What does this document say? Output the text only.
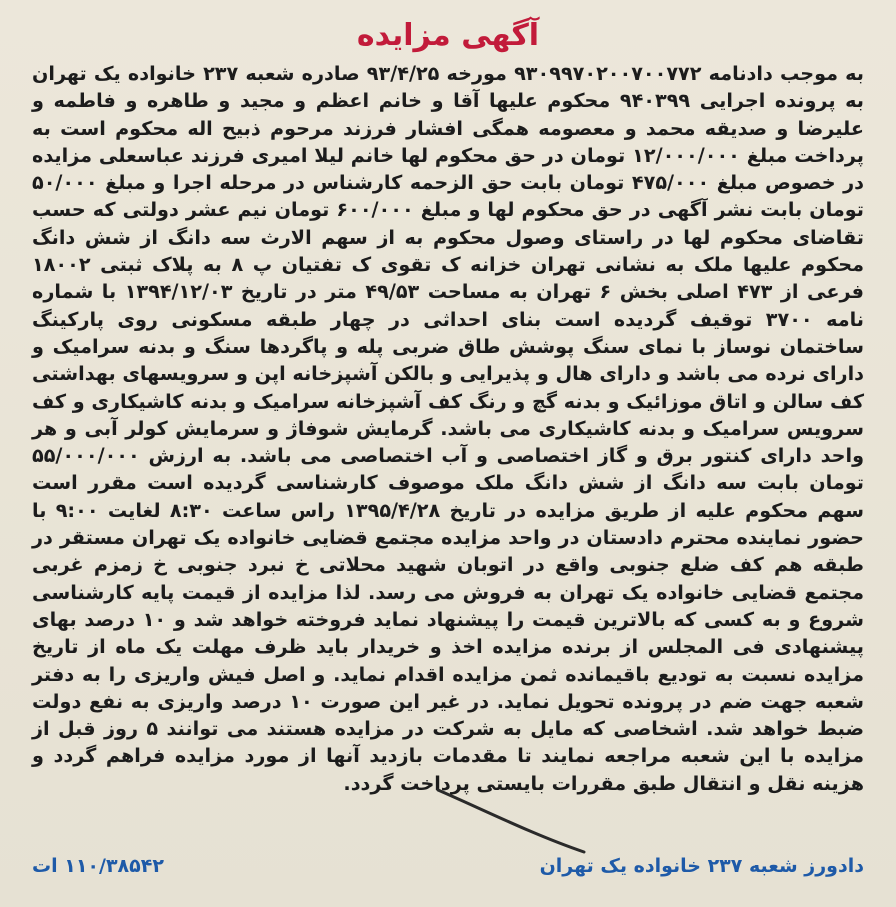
آگهی مزایده

به موجب دادنامه ۹۳۰۹۹۷۰۲۰۰۷۰۰۷۷۲ مورخه ۹۳/۴/۲۵ صادره شعبه ۲۳۷ خانواده یک تهران به پرونده اجرایی ۹۴۰۳۹۹ محکوم علیها آقا و خانم اعظم و مجید و طاهره و فاطمه و علیرضا و صدیقه محمد و معصومه همگی افشار فرزند مرحوم ذبیح اله محکوم است به پرداخت مبلغ ۱۲/۰۰۰/۰۰۰ تومان در حق محکوم لها خانم لیلا امیری فرزند عباسعلی مزایده در خصوص مبلغ ۴۷۵/۰۰۰ تومان بابت حق الزحمه کارشناس در مرحله اجرا و مبلغ ۵۰/۰۰۰ تومان بابت نشر آگهی در حق محکوم لها و مبلغ ۶۰۰/۰۰۰ تومان نیم عشر دولتی که حسب تقاضای محکوم لها در راستای وصول محکوم به از سهم الارث سه دانگ از شش دانگ محکوم علیها ملک به نشانی تهران خزانه ک تقوی ک تفتیان پ ۸ به پلاک ثبتی ۱۸۰۰۲ فرعی از ۴۷۳ اصلی بخش ۶ تهران به مساحت ۴۹/۵۳ متر در تاریخ ۱۳۹۴/۱۲/۰۳ با شماره نامه ۳۷۰۰ توقیف گردیده است بنای احداثی در چهار طبقه مسکونی روی پارکینگ ساختمان نوساز با نمای سنگ پوشش طاق ضربی پله و پاگردها سنگ و بدنه سرامیک و دارای نرده می باشد و دارای هال و پذیرایی و بالکن آشپزخانه اپن و سرویسهای بهداشتی کف سالن و اتاق موزائیک و بدنه گچ و رنگ کف آشپزخانه سرامیک و بدنه کاشیکاری و کف سرویس سرامیک و بدنه کاشیکاری می باشد. گرمایش شوفاژ و سرمایش کولر آبی و هر واحد دارای کنتور برق و گاز اختصاصی و آب اختصاصی می باشد. به ارزش ۵۵/۰۰۰/۰۰۰ تومان بابت سه دانگ از شش دانگ ملک موصوف کارشناسی گردیده است مقرر است سهم محکوم علیه از طریق مزایده در تاریخ ۱۳۹۵/۴/۲۸ راس ساعت ۸:۳۰ لغایت ۹:۰۰ با حضور نماینده محترم دادستان در واحد مزایده مجتمع قضایی خانواده یک تهران مستقر در طبقه هم کف ضلع جنوبی واقع در اتوبان شهید محلاتی خ نبرد جنوبی خ زمزم غربی مجتمع قضایی خانواده یک تهران به فروش می رسد. لذا مزایده از قیمت پایه کارشناسی شروع و به کسی که بالاترین قیمت را پیشنهاد نماید فروخته خواهد شد و ۱۰ درصد بهای پیشنهادی فی المجلس از برنده مزایده اخذ و خریدار باید ظرف مهلت یک ماه از تاریخ مزایده نسبت به تودیع باقیمانده ثمن مزایده اقدام نماید. و اصل فیش واریزی را به دفتر شعبه جهت ضم در پرونده تحویل نماید. در غیر این صورت ۱۰ درصد واریزی به نفع دولت ضبط خواهد شد. اشخاصی که مایل به شرکت در مزایده هستند می توانند ۵ روز قبل از مزایده با این شعبه مراجعه نمایند تا مقدمات بازدید آنها از مورد مزایده فراهم گردد و هزینه نقل و انتقال طبق مقررات بایستی پرداخت گردد.

دادورز شعبه ۲۳۷ خانواده یک تهران
۱۱۰/۳۸۵۴۲ ات
